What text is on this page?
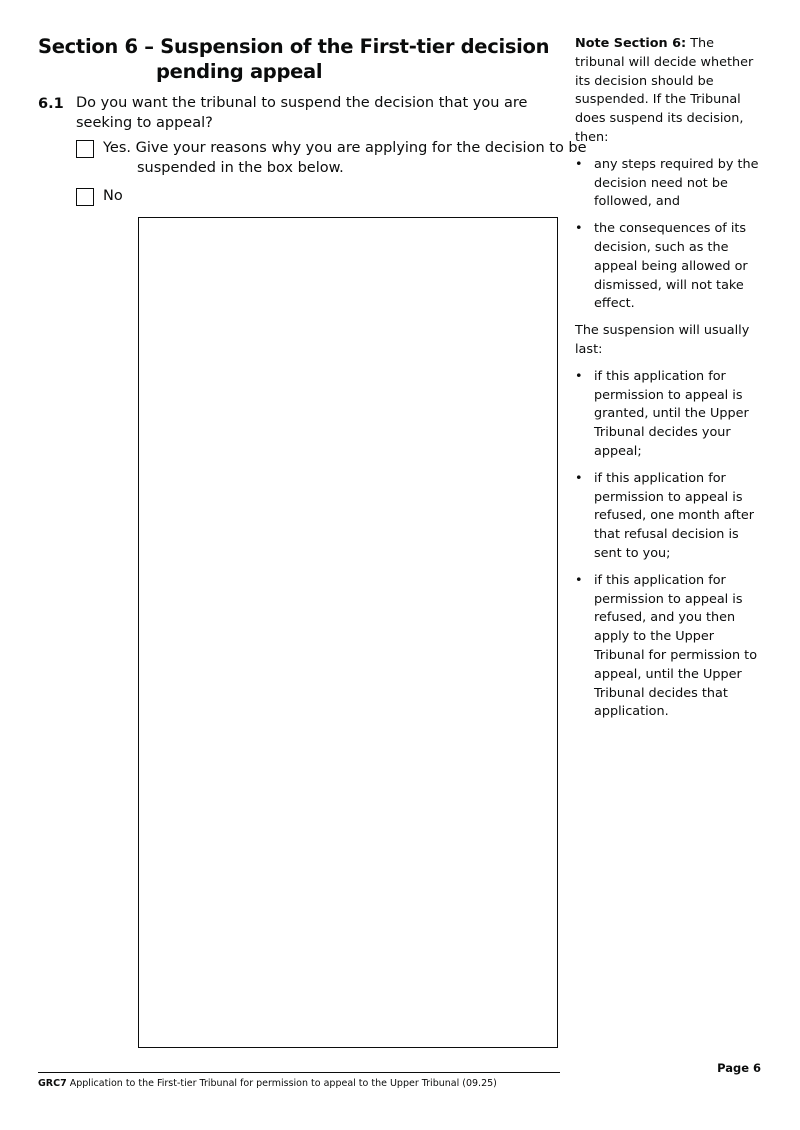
Section 6 – Suspension of the First-tier decision
pending appeal
6.1 Do you want the tribunal to suspend the decision that you are seeking to appeal?
Yes. Give your reasons why you are applying for the decision to be suspended in the box below.
No

Note Section 6: The tribunal will decide whether its decision should be suspended. If the Tribunal does suspend its decision, then:

• any steps required by the decision need not be followed, and
• the consequences of its decision, such as the appeal being allowed or dismissed, will not take effect.

The suspension will usually last:

• if this application for permission to appeal is granted, until the Upper Tribunal decides your appeal;
• if this application for permission to appeal is refused, one month after that refusal decision is sent to you;
• if this application for permission to appeal is refused, and you then apply to the Upper Tribunal for permission to appeal, until the Upper Tribunal decides that application.
Page 6
GRC7 Application to the First-tier Tribunal for permission to appeal to the Upper Tribunal (09.25)
